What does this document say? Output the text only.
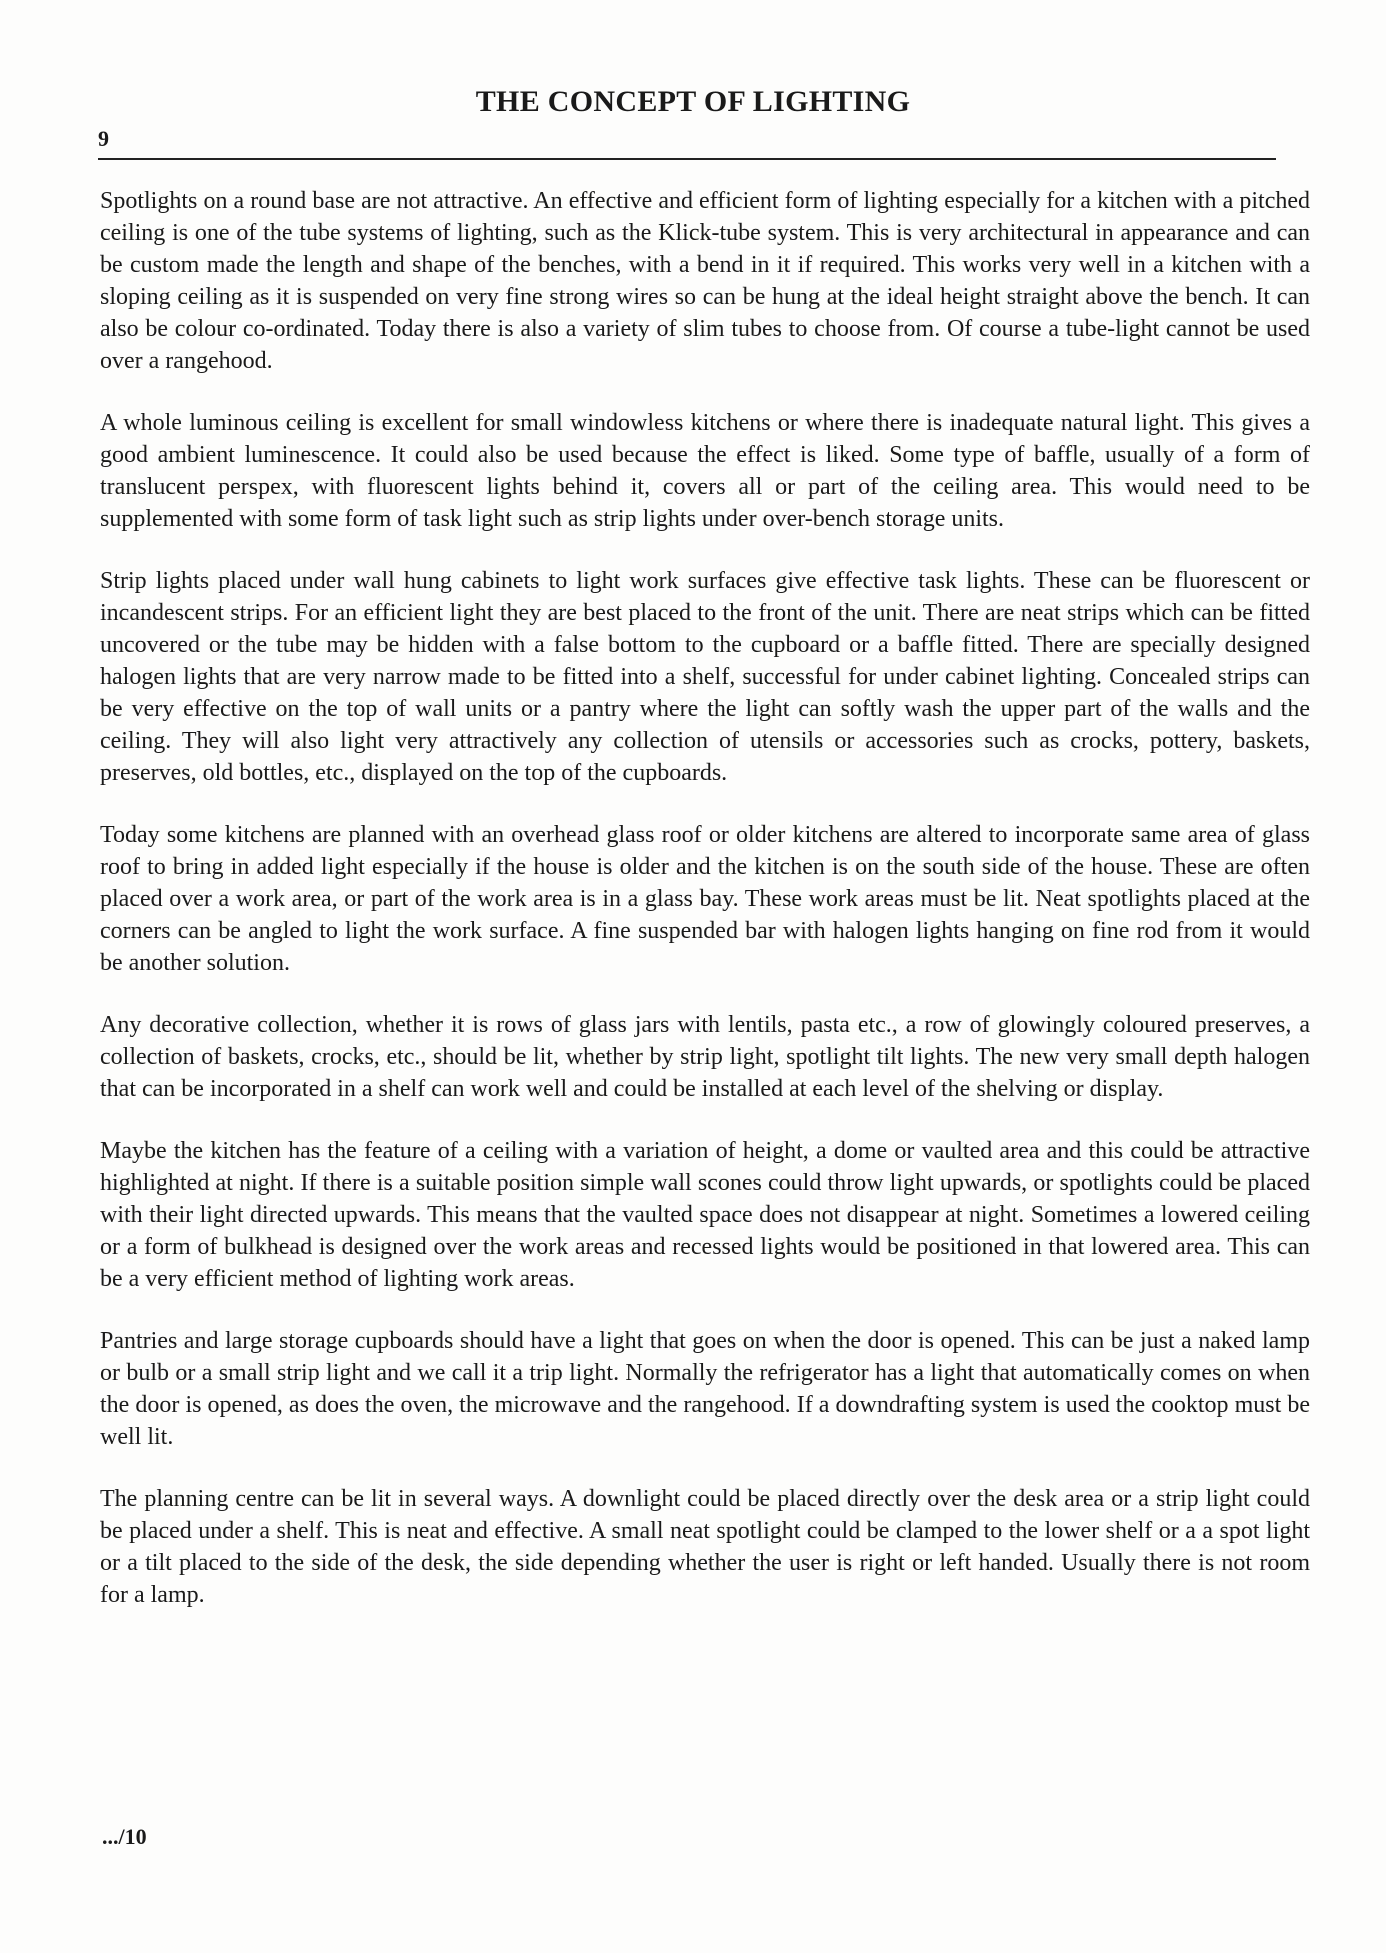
THE CONCEPT OF LIGHTING
9

Spotlights on a round base are not attractive. An effective and efficient form of lighting especially for a kitchen with a pitched ceiling is one of the tube systems of lighting, such as the Klick-tube system. This is very architectural in appearance and can be custom made the length and shape of the benches, with a bend in it if required. This works very well in a kitchen with a sloping ceiling as it is suspended on very fine strong wires so can be hung at the ideal height straight above the bench. It can also be colour co-ordinated. Today there is also a variety of slim tubes to choose from. Of course a tube-light cannot be used over a rangehood.

A whole luminous ceiling is excellent for small windowless kitchens or where there is inadequate natural light. This gives a good ambient luminescence. It could also be used because the effect is liked. Some type of baffle, usually of a form of translucent perspex, with fluorescent lights behind it, covers all or part of the ceiling area. This would need to be supplemented with some form of task light such as strip lights under over-bench storage units.

Strip lights placed under wall hung cabinets to light work surfaces give effective task lights. These can be fluorescent or incandescent strips. For an efficient light they are best placed to the front of the unit. There are neat strips which can be fitted uncovered or the tube may be hidden with a false bottom to the cupboard or a baffle fitted. There are specially designed halogen lights that are very narrow made to be fitted into a shelf, successful for under cabinet lighting. Concealed strips can be very effective on the top of wall units or a pantry where the light can softly wash the upper part of the walls and the ceiling. They will also light very attractively any collection of utensils or accessories such as crocks, pottery, baskets, preserves, old bottles, etc., displayed on the top of the cupboards.

Today some kitchens are planned with an overhead glass roof or older kitchens are altered to incorporate same area of glass roof to bring in added light especially if the house is older and the kitchen is on the south side of the house. These are often placed over a work area, or part of the work area is in a glass bay. These work areas must be lit. Neat spotlights placed at the corners can be angled to light the work surface. A fine suspended bar with halogen lights hanging on fine rod from it would be another solution.

Any decorative collection, whether it is rows of glass jars with lentils, pasta etc., a row of glowingly coloured preserves, a collection of baskets, crocks, etc., should be lit, whether by strip light, spotlight tilt lights. The new very small depth halogen that can be incorporated in a shelf can work well and could be installed at each level of the shelving or display.

Maybe the kitchen has the feature of a ceiling with a variation of height, a dome or vaulted area and this could be attractive highlighted at night. If there is a suitable position simple wall scones could throw light upwards, or spotlights could be placed with their light directed upwards. This means that the vaulted space does not disappear at night. Sometimes a lowered ceiling or a form of bulkhead is designed over the work areas and recessed lights would be positioned in that lowered area. This can be a very efficient method of lighting work areas.

Pantries and large storage cupboards should have a light that goes on when the door is opened. This can be just a naked lamp or bulb or a small strip light and we call it a trip light. Normally the refrigerator has a light that automatically comes on when the door is opened, as does the oven, the microwave and the rangehood. If a downdrafting system is used the cooktop must be well lit.

The planning centre can be lit in several ways. A downlight could be placed directly over the desk area or a strip light could be placed under a shelf. This is neat and effective. A small neat spotlight could be clamped to the lower shelf or a a spot light or a tilt placed to the side of the desk, the side depending whether the user is right or left handed. Usually there is not room for a lamp.

.../10
